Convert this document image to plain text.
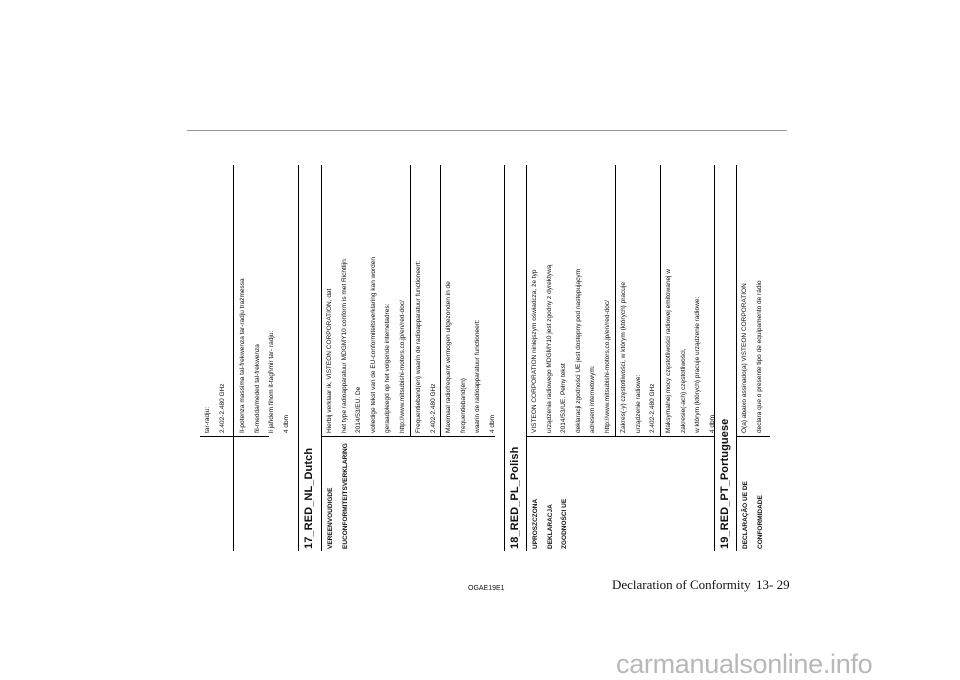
tar-radju:	2.402-2.480 GHz	Il-potenza massima tal-frekwenza tar-radju trażmessa	fil-medda/meded tal-frekwenza	li jaħdem fihom it-tagħmir tar- radju:	4 dbm
17_RED_NL_Dutch	VEREENVOUDIGDE	EUCONFORMITEITSVERKLARING
Hierbij verklaar ik, VISTEON CORPORATION, dat	het type radioapparatuur MDGMY10 conform is met Richtlijn	2014/53/EU. De	volledige tekst van de EU-conformiteitsverklaring kan worden	geraadpleegd op het volgende internetadres:	http://www.mitsubishi-motors.co.jp/en/red-doc/	Frequentieband(en) waarin de radioapparatuur functioneert:	2.402-2.480 GHz	Maximaal radiofrequent vermogen uitgezonden in de	frequentieband(en)	waarin de radioapparatuur functioneert:	4 dbm
18_RED_PL_Polish	UPROSZCZONA	DEKLARACJA	ZGODNOŚCI UE
VISTEON CORPORATION niniejszym oświadcza, że typ	urządzenia radiowego MDGMY10 jest zgodny z dyrektywą	2014/53/UE. Pełny tekst	deklaracji zgodności UE jest dostępny pod następującym	adresem internetowym:	http://www.mitsubishi-motors.co.jp/en/red-doc/	Zakres(-y) częstotliwości, w którym (których) pracuje	urządzenie radiowe:	2.402-2.480 GHz	Maksymalnej mocy częstotliwości radiowej emitowanej w	zakresie(-ach) częstotliwości,	w którym (których) pracuje urządzenie radiowe:	4 dbm 19_RED_PT_Portuguese	DECLARAÇÃO UE DE	CONFORMIDADE
O(a) abaixo assinado(a) VISTEON CORPORATION	declara que o presente tipo de equipamento de rádio
OGAE19E1	Declaration of Conformity 13- 29
carmanualsonline.info
